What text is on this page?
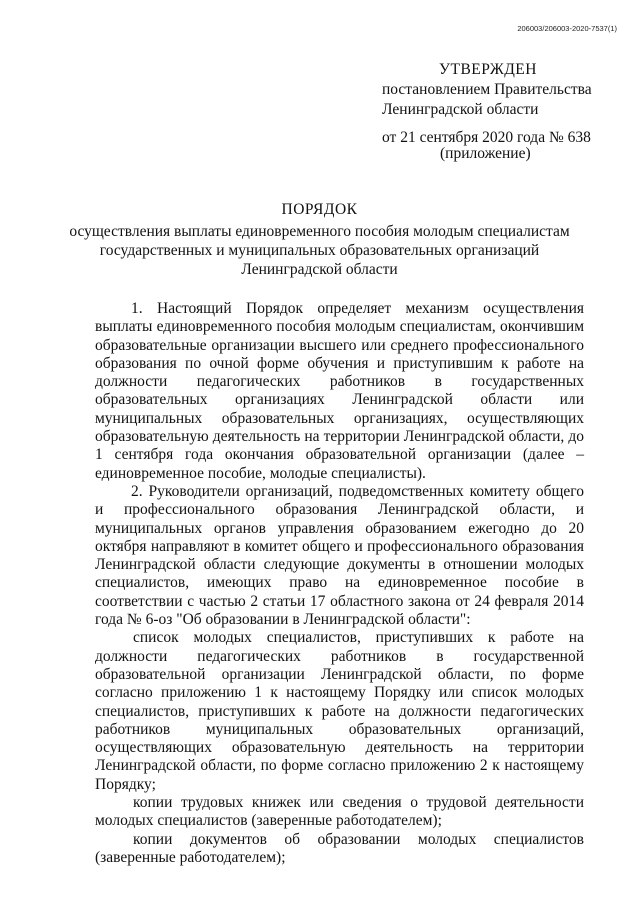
206003/206003-2020-7537(1)
УТВЕРЖДЕН
постановлением Правительства
Ленинградской области
от 21 сентября 2020 года № 638
(приложение)
ПОРЯДОК
осуществления выплаты единовременного пособия молодым специалистам
государственных и муниципальных образовательных организаций
Ленинградской области

1. Настоящий Порядок определяет механизм осуществления выплаты единовременного пособия молодым специалистам, окончившим образовательные организации высшего или среднего профессионального образования по очной форме обучения и приступившим к работе на должности педагогических работников в государственных образовательных организациях Ленинградской области или муниципальных образовательных организациях, осуществляющих образовательную деятельность на территории Ленинградской области, до 1 сентября года окончания образовательной организации (далее – единовременное пособие, молодые специалисты).

2. Руководители организаций, подведомственных комитету общего и профессионального образования Ленинградской области, и муниципальных органов управления образованием ежегодно до 20 октября направляют в комитет общего и профессионального образования Ленинградской области следующие документы в отношении молодых специалистов, имеющих право на единовременное пособие в соответствии с частью 2 статьи 17 областного закона от 24 февраля 2014 года № 6-оз "Об образовании в Ленинградской области":

список молодых специалистов, приступивших к работе на должности педагогических работников в государственной образовательной организации Ленинградской области, по форме согласно приложению 1 к настоящему Порядку или список молодых специалистов, приступивших к работе на должности педагогических работников муниципальных образовательных организаций, осуществляющих образовательную деятельность на территории Ленинградской области, по форме согласно приложению 2 к настоящему Порядку;

копии трудовых книжек или сведения о трудовой деятельности молодых специалистов (заверенные работодателем);

копии документов об образовании молодых специалистов (заверенные работодателем);
